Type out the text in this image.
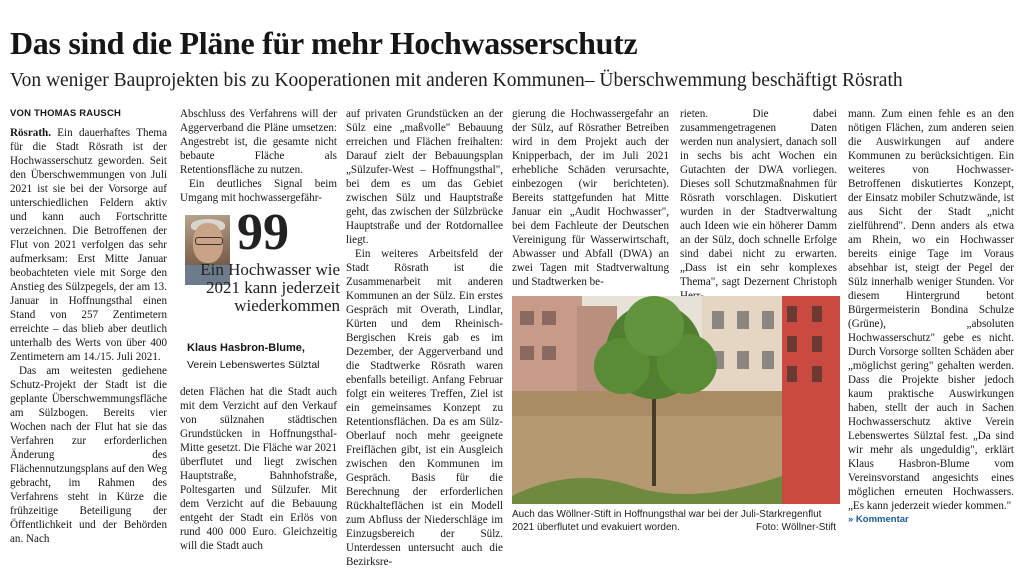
Das sind die Pläne für mehr Hochwasserschutz
Von weniger Bauprojekten bis zu Kooperationen mit anderen Kommunen– Überschwemmung beschäftigt Rösrath
VON THOMAS RAUSCH

Rösrath. Ein dauerhaftes Thema für die Stadt Rösrath ist der Hochwasserschutz geworden. Seit den Überschwemmungen von Juli 2021 ist sie bei der Vorsorge auf unterschiedlichen Feldern aktiv und kann auch Fortschritte verzeichnen. Die Betroffenen der Flut von 2021 verfolgen das sehr aufmerksam: Erst Mitte Januar beobachteten viele mit Sorge den Anstieg des Sülzpegels, der am 13. Januar in Hoffnungsthal einen Stand von 257 Zentimetern erreichte – das blieb aber deutlich unterhalb des Werts von über 400 Zentimetern am 14./15. Juli 2021.

Das am weitesten gediehene Schutz-Projekt der Stadt ist die geplante Überschwemmungsfläche am Sülzbogen. Bereits vier Wochen nach der Flut hat sie das Verfahren zur erforderlichen Änderung des Flächennutzungsplans auf den Weg gebracht, im Rahmen des Verfahrens steht in Kürze die frühzeitige Beteiligung der Öffentlichkeit und der Behörden an. Nach

Abschluss des Verfahrens will der Aggerverband die Pläne umsetzen: Angestrebt ist, die gesamte nicht bebaute Fläche als Retentionsfläche zu nutzen.

Ein deutliches Signal beim Umgang mit hochwassergefähr-

99
Ein Hochwasser wie 2021 kann jederzeit wiederkommen
Klaus Hasbron-Blume,
Verein Lebenswertes Sülztal

deten Flächen hat die Stadt auch mit dem Verzicht auf den Verkauf von sülznahen städtischen Grundstücken in Hoffnungsthal-Mitte gesetzt. Die Fläche war 2021 überflutet und liegt zwischen Hauptstraße, Bahnhofstraße, Poltesgarten und Sülzufer. Mit dem Verzicht auf die Bebauung entgeht der Stadt ein Erlös von rund 400 000 Euro. Gleichzeitig will die Stadt auch

auf privaten Grundstücken an der Sülz eine „maßvolle" Bebauung erreichen und Flächen freihalten: Darauf zielt der Bebauungsplan „Sülzufer-West – Hoffnungsthal", bei dem es um das Gebiet zwischen Sülz und Hauptstraße geht, das zwischen der Sülzbrücke Hauptstraße und der Rotdornallee liegt.

Ein weiteres Arbeitsfeld der Stadt Rösrath ist die Zusammenarbeit mit anderen Kommunen an der Sülz. Ein erstes Gespräch mit Overath, Lindlar, Kürten und dem Rheinisch-Bergischen Kreis gab es im Dezember, der Aggerverband und die Stadtwerke Rösrath waren ebenfalls beteiligt. Anfang Februar folgt ein weiteres Treffen, Ziel ist ein gemeinsames Konzept zu Retentionsflächen. Da es am Sülz-Oberlauf noch mehr geeignete Freiflächen gibt, ist ein Ausgleich zwischen den Kommunen im Gespräch. Basis für die Berechnung der erforderlichen Rückhalteflächen ist ein Modell zum Abfluss der Niederschläge im Einzugsbereich der Sülz. Unterdessen untersucht auch die Bezirksre-

gierung die Hochwassergefahr an der Sülz, auf Rösrather Betreiben wird in dem Projekt auch der Knipperbach, der im Juli 2021 erhebliche Schäden verursachte, einbezogen (wir berichteten). Bereits stattgefunden hat Mitte Januar ein „Audit Hochwasser", bei dem Fachleute der Deutschen Vereinigung für Wasserwirtschaft, Abwasser und Abfall (DWA) an zwei Tagen mit Stadtverwaltung und Stadtwerken be-

rieten. Die dabei zusammengetragenen Daten werden nun analysiert, danach soll in sechs bis acht Wochen ein Gutachten der DWA vorliegen. Dieses soll Schutzmaßnahmen für Rösrath vorschlagen. Diskutiert wurden in der Stadtverwaltung auch Ideen wie ein höherer Damm an der Sülz, doch schnelle Erfolge sind dabei nicht zu erwarten. „Dass ist ein sehr komplexes Thema", sagt Dezernent Christoph

mann. Zum einen fehle es an den nötigen Flächen, zum anderen seien die Auswirkungen auf andere Kommunen zu berücksichtigen. Ein weiteres von Hochwasser-Betroffenen diskutiertes Konzept, der Einsatz mobiler Schutzwände, ist aus Sicht der Stadt „nicht zielführend". Denn anders als etwa am Rhein, wo ein Hochwasser bereits einige Tage im Voraus absehbar ist, steigt der Pegel der Sülz innerhalb weniger Stunden. Vor diesem Hintergrund betont Bürgermeisterin Bondina Schulze (Grüne), „absoluten Hochwasserschutz" gebe es nicht. Durch Vorsorge sollten Schäden aber „möglichst gering" gehalten werden. Dass die Projekte bisher jedoch kaum praktische Auswirkungen haben, stellt der auch in Sachen Hochwasserschutz aktive Verein Lebenswertes Sülztal fest. „Da sind wir mehr als ungeduldig", erklärt Klaus Hasbron-Blume vom Vereinsvorstand angesichts eines möglichen erneuten Hochwassers. „Es kann jederzeit wieder kommen."

» Kommentar
Auch das Wöllner-Stift in Hoffnungsthal war bei der Juli-Starkregenflut 2021 überflutet und evakuiert worden.	Foto: Wöllner-Stift
